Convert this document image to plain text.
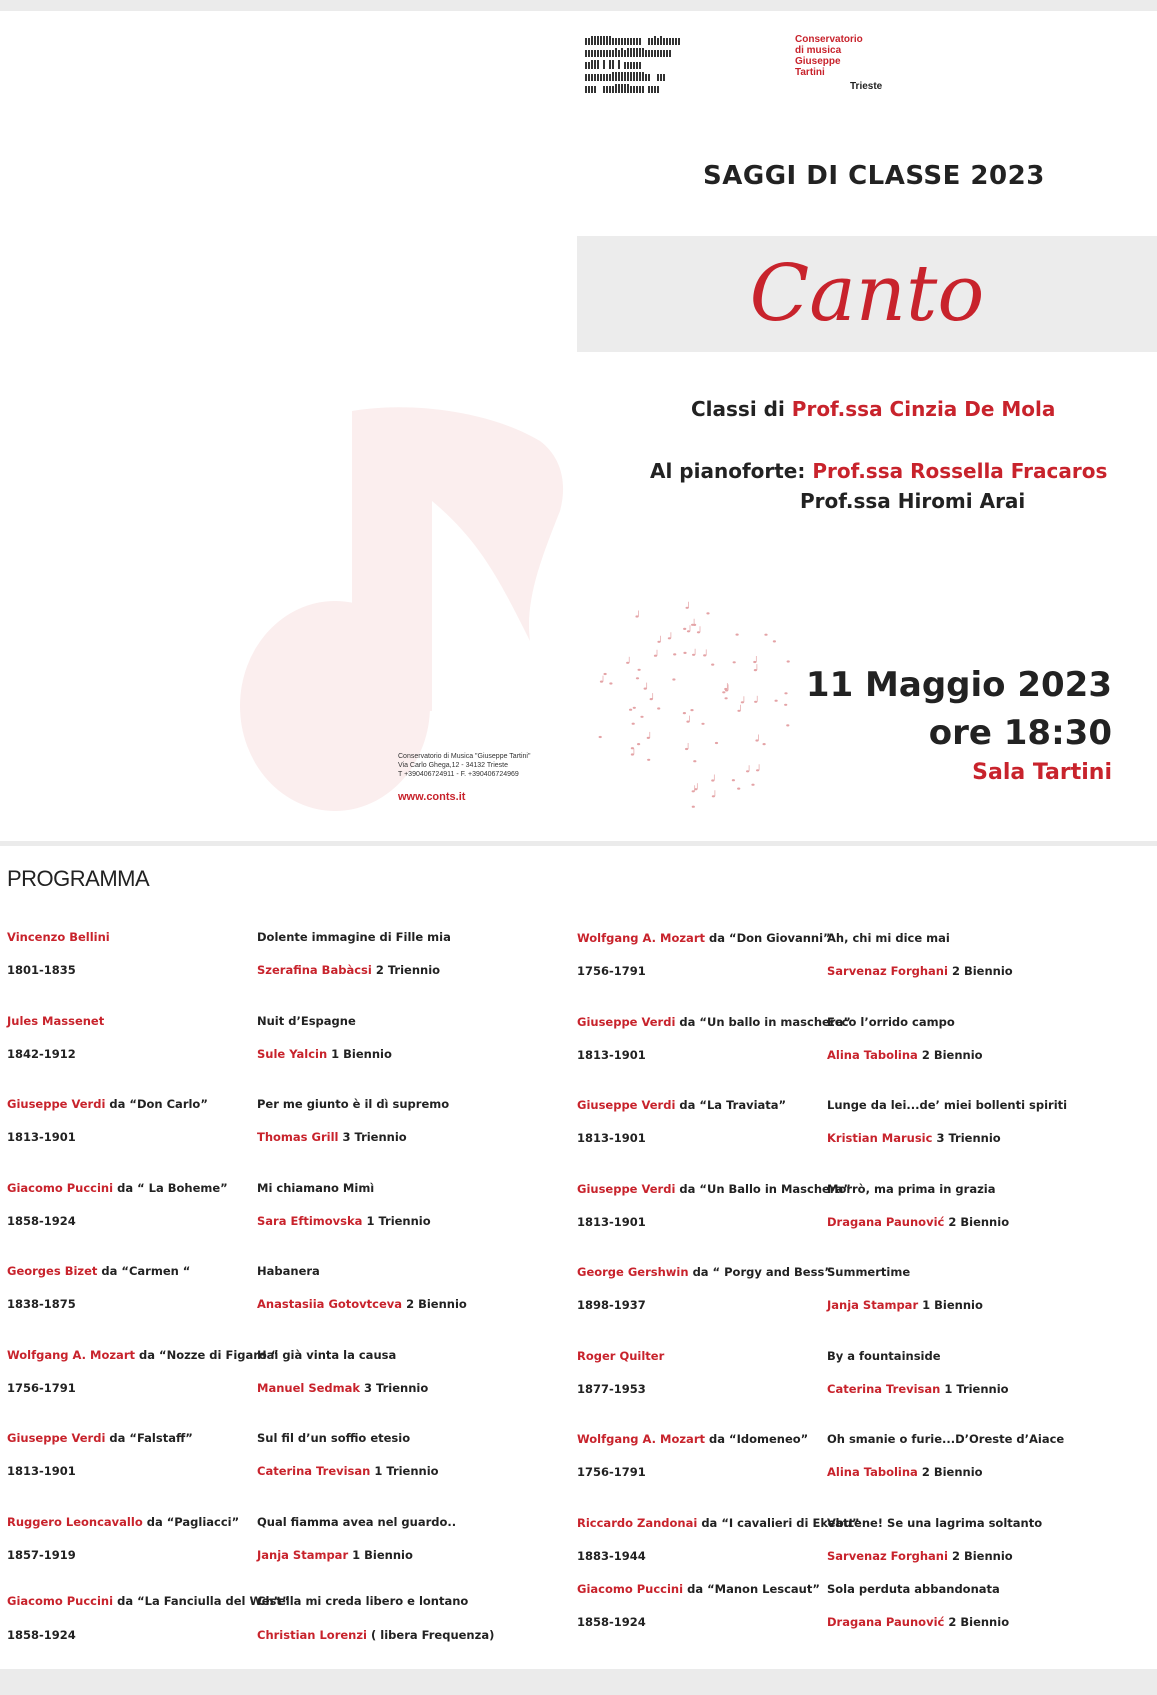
Conservatorio
di musica
Giuseppe
Tartini
Trieste
SAGGI DI CLASSE 2023
Canto
Classi di Prof.ssa Cinzia De Mola
Al pianoforte: Prof.ssa Rossella Fracaros
Prof.ssa Hiromi Arai
11 Maggio 2023
ore 18:30
Sala Tartini
Conservatorio di Musica "Giuseppe Tartini"
Via Carlo Ghega,12 - 34132 Trieste
T +390406724911 - F. +390406724969
www.conts.it
PROGRAMMA
Vincenzo Bellini
1801-1835
Dolente immagine di Fille mia
Szerafina Babàcsi 2 Triennio
Jules Massenet
1842-1912
Nuit d’Espagne
Sule Yalcin 1 Biennio
Giuseppe Verdi da “Don Carlo”
1813-1901
Per me giunto è il dì supremo
Thomas Grill 3 Triennio
Giacomo Puccini da “ La Boheme”
1858-1924
Mi chiamano Mimì
Sara Eftimovska 1 Triennio
Georges Bizet da “Carmen “
1838-1875
Habanera
Anastasiia Gotovtceva 2 Biennio
Wolfgang A. Mozart da “Nozze di Figaro “
1756-1791
Hai già vinta la causa
Manuel Sedmak 3 Triennio
Giuseppe Verdi da “Falstaff”
1813-1901
Sul fil d’un soffio etesio
Caterina Trevisan 1 Triennio
Ruggero Leoncavallo da “Pagliacci”
1857-1919
Qual fiamma avea nel guardo..
Janja Stampar 1 Biennio
Giacomo Puccini da “La Fanciulla del West”
1858-1924
Ch’ella mi creda libero e lontano
Christian Lorenzi ( libera Frequenza)
Wolfgang A. Mozart da “Don Giovanni”
1756-1791
Ah, chi mi dice mai
Sarvenaz Forghani 2 Biennio
Giuseppe Verdi da “Un ballo in maschera”
1813-1901
Ecco l’orrido campo
Alina Tabolina 2 Biennio
Giuseppe Verdi da “La Traviata”
1813-1901
Lunge da lei...de’ miei bollenti spiriti
Kristian Marusic 3 Triennio
Giuseppe Verdi da “Un Ballo in Maschera”
1813-1901
Morrò, ma prima in grazia
Dragana Paunović 2 Biennio
George Gershwin da “ Porgy and Bess”
1898-1937
Summertime
Janja Stampar 1 Biennio
Roger Quilter
1877-1953
By a fountainside
Caterina Trevisan 1 Triennio
Wolfgang A. Mozart da “Idomeneo”
1756-1791
Oh smanie o furie...D’Oreste d’Aiace
Alina Tabolina 2 Biennio
Riccardo Zandonai da “I cavalieri di Ekebu”
1883-1944
Vattene! Se una lagrima soltanto
Sarvenaz Forghani 2 Biennio
Giacomo Puccini da “Manon Lescaut”
1858-1924
Sola perduta abbandonata
Dragana Paunović 2 Biennio
